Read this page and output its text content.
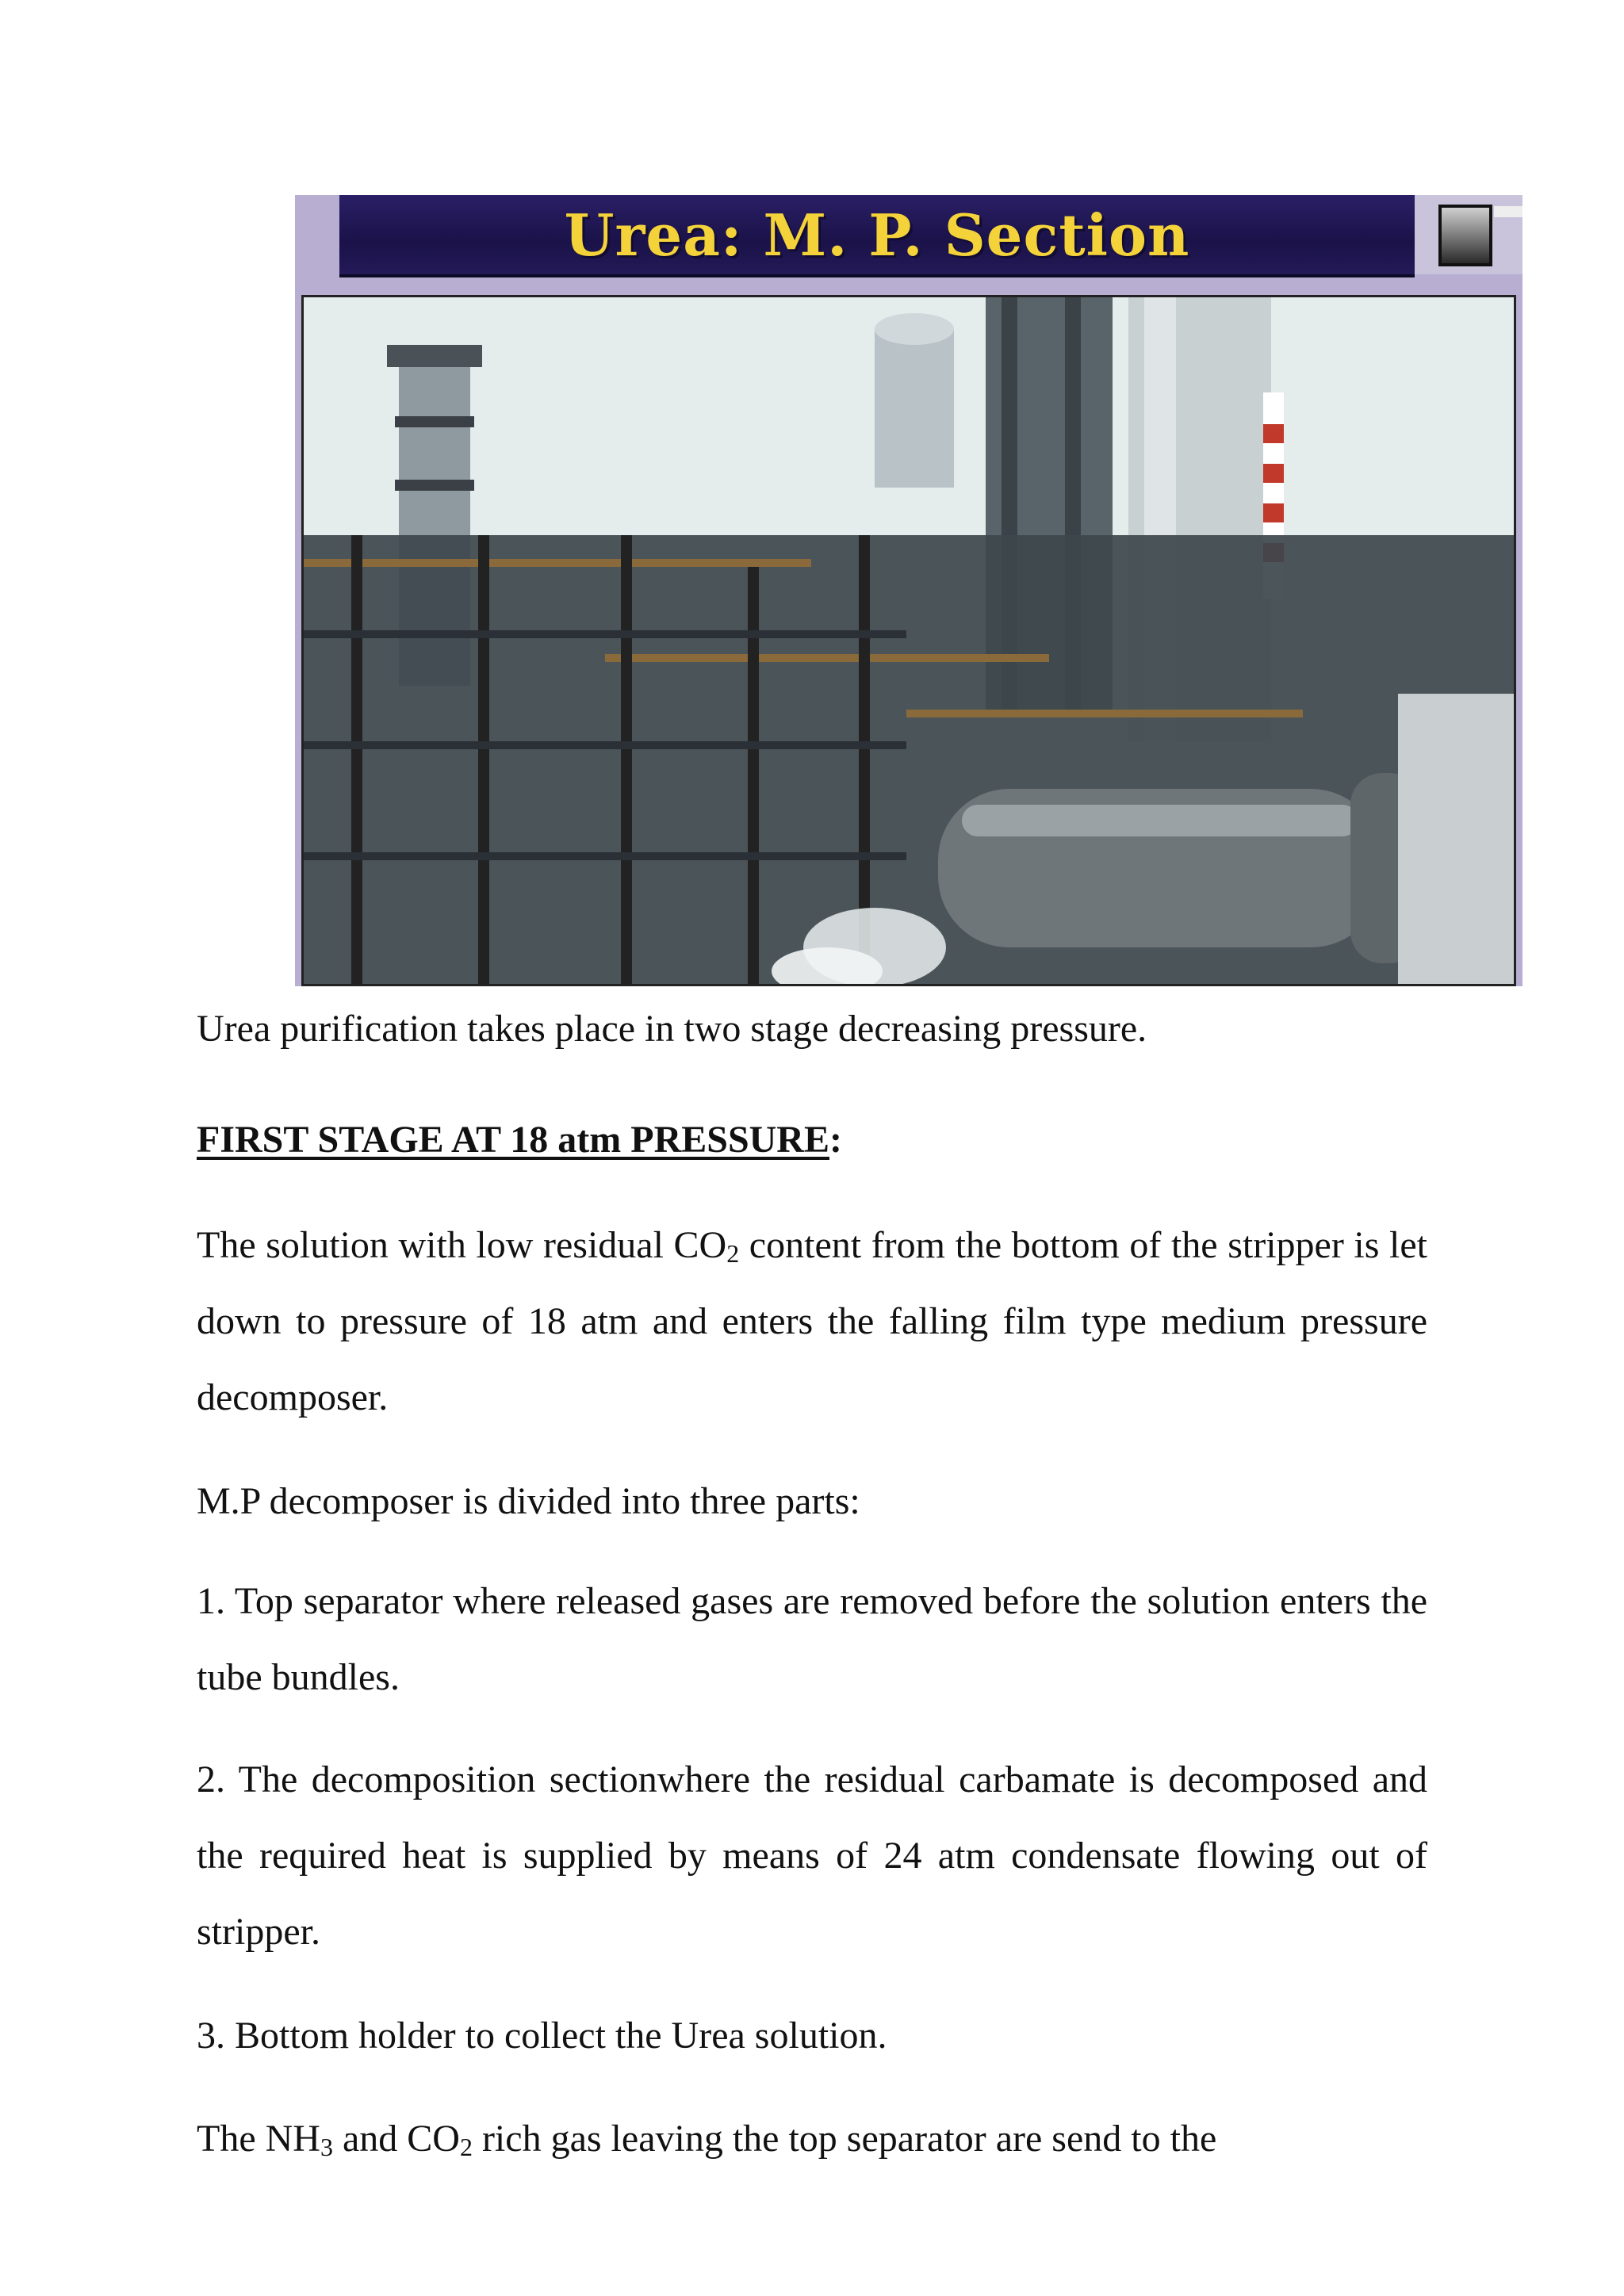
Urea: M. P. Section

Urea purification takes place in two stage decreasing pressure.

FIRST STAGE AT 18 atm PRESSURE:

The solution with low residual $CO_2$ content from the bottom of the stripper is let down to pressure of 18 atm and enters the falling film type medium pressure decomposer.

M.P decomposer is divided into three parts:

1. Top separator where released gases are removed before the solution enters the tube bundles.

2. The decomposition sectionwhere the residual carbamate is decomposed and the required heat is supplied by means of 24 atm condensate flowing out of stripper.

3. Bottom holder to collect the Urea solution.

The $NH_3$ and $CO_2$ rich gas leaving the top separator are send to the
